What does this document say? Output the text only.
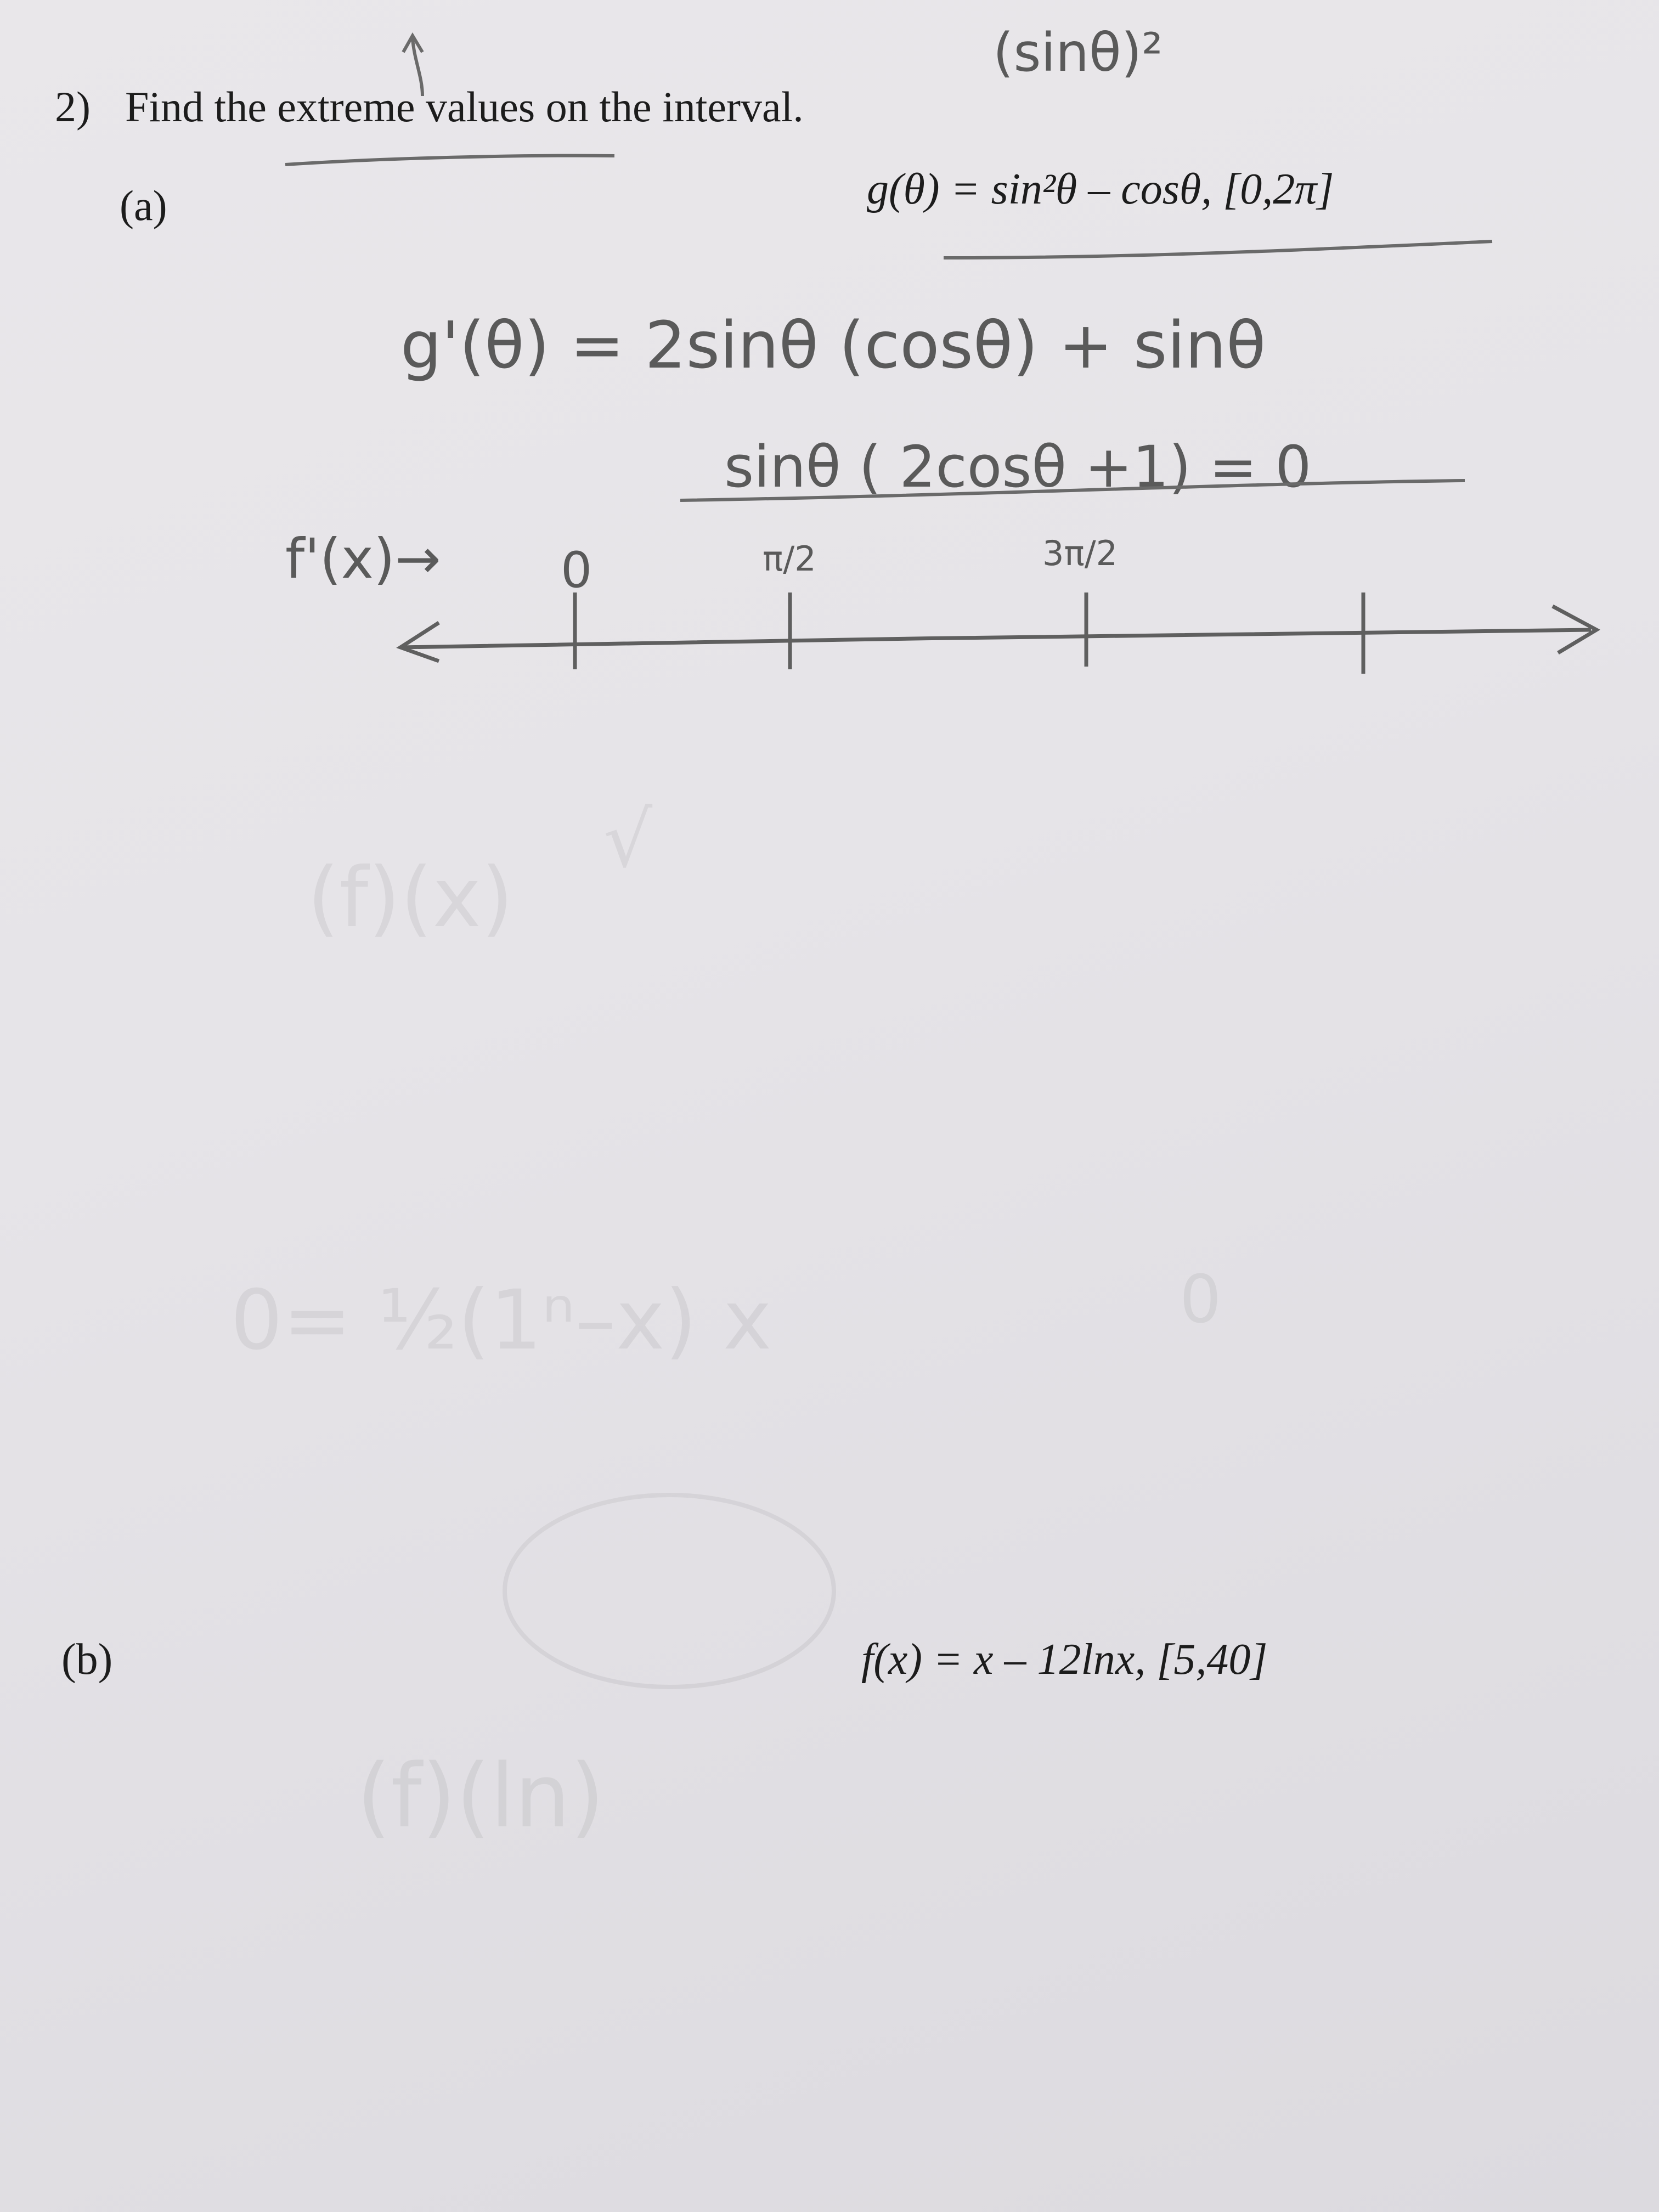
(f)(x)
√
0= ½(1ⁿ–x) x	0
(f)(ln)
2) Find the extreme values on the interval.
(a)	g(θ) = sin²θ – cosθ, [0,2π]
(b)	f(x) = x – 12lnx, [5,40]
(sinθ)²
g'(θ) = 2sinθ (cosθ) + sinθ
sinθ ( 2cosθ +1) = 0
f'(x)→ 0	π/2	3π/2
